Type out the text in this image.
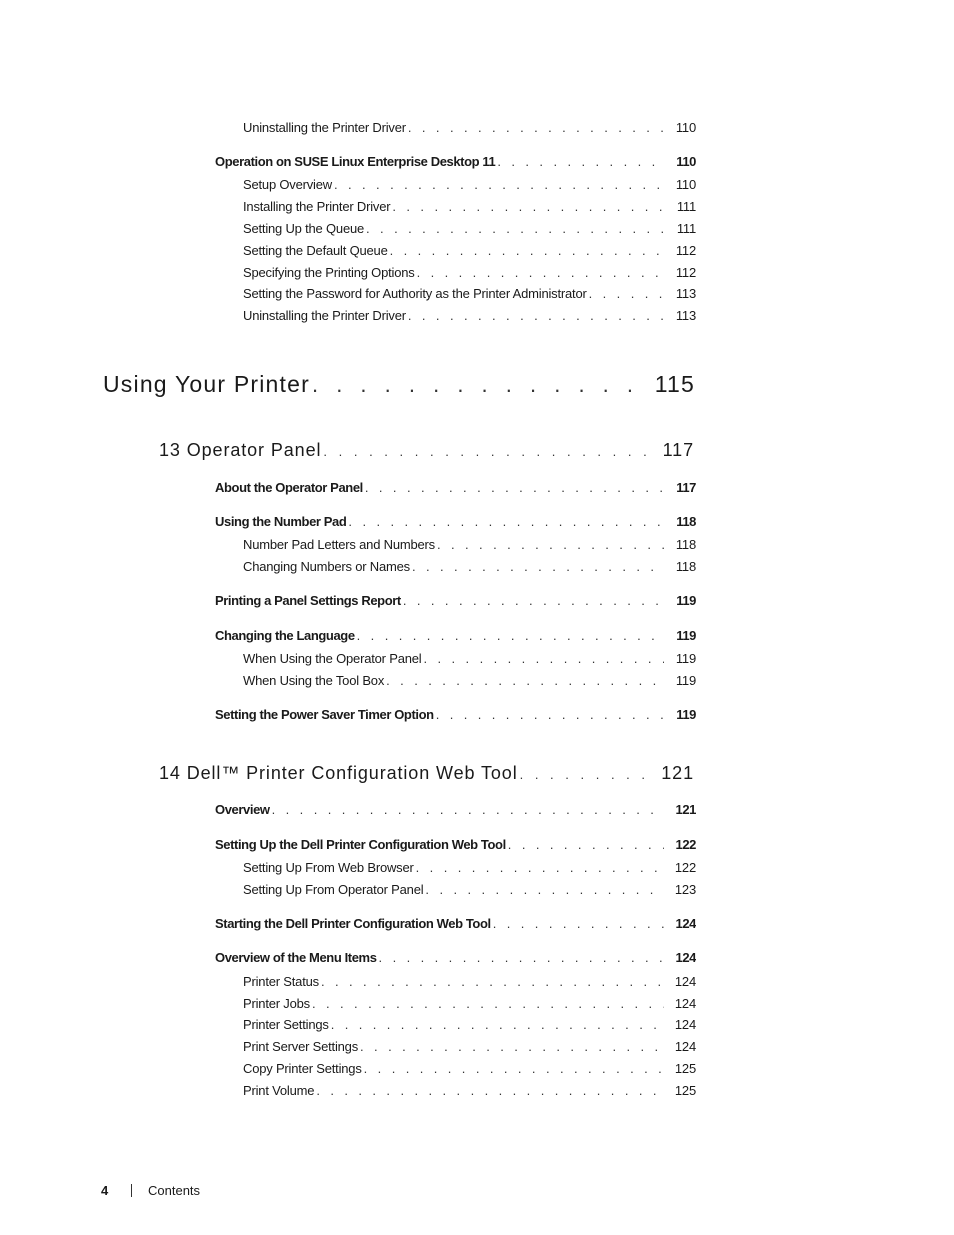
Uninstalling the Printer Driver . . .	110
Operation on SUSE Linux Enterprise Desktop 11 . . .	110
Setup Overview . . .	110
Installing the Printer Driver . . .	111
Setting Up the Queue . . .	111
Setting the Default Queue . . .	112
Specifying the Printing Options . . .	112
Setting the Password for Authority as the Printer Administrator . . .	113
Uninstalling the Printer Driver . . .	113
Using Your Printer . . .	115
13 Operator Panel . . .	117
About the Operator Panel . . .	117
Using the Number Pad . . .	118
Number Pad Letters and Numbers . . .	118
Changing Numbers or Names . . .	118
Printing a Panel Settings Report . . .	119
Changing the Language . . .	119
When Using the Operator Panel . . .	119
When Using the Tool Box . . .	119
Setting the Power Saver Timer Option . . .	119
14 Dell™ Printer Configuration Web Tool . . .	121
Overview . . .	121
Setting Up the Dell Printer Configuration Web Tool . . .	122
Setting Up From Web Browser . . .	122
Setting Up From Operator Panel . . .	123
Starting the Dell Printer Configuration Web Tool . . .	124
Overview of the Menu Items . . .	124
Printer Status . . .	124
Printer Jobs . . .	124
Printer Settings . . .	124
Print Server Settings . . .	124
Copy Printer Settings . . .	125
Print Volume . . .	125
4	Contents
